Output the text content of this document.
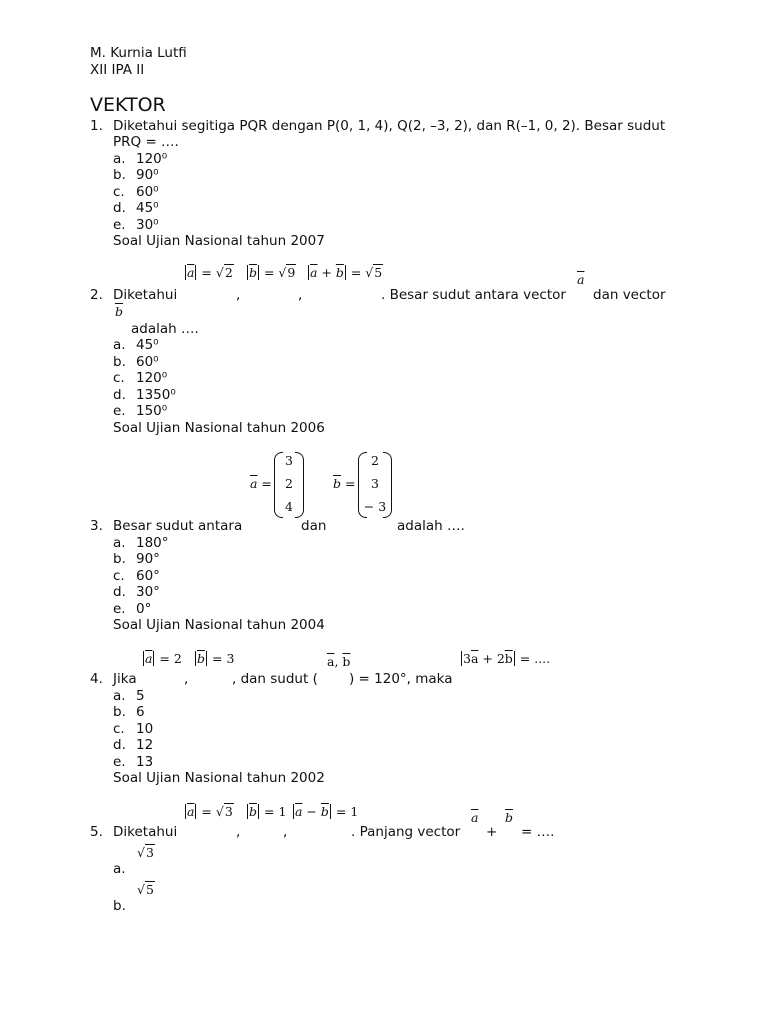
M. Kurnia Lutfi
XII IPA II
VEKTOR
1. Diketahui segitiga PQR dengan P(0, 1, 4), Q(2, –3, 2), dan R(–1, 0, 2). Besar sudut
PRQ = ….
a. 120⁰
b. 90⁰
c. 60⁰
d. 45⁰
e. 30⁰
Soal Ujian Nasional tahun 2007
$\overline{a} = √2$ $\overline{b} = √9$ $\overline{a} + \overline{b} = √5$	$\overline{a}$
$\overline{b}$
2. Diketahui	,	,	. Besar sudut antara vector dan vector
adalah ….
a. 45⁰
b. 60⁰
c. 120⁰
d. 1350⁰
e. 150⁰
Soal Ujian Nasional tahun 2006
$\overline{a}$ =
3
2
4
$\overline{b}$ =
2
3
− 3
3. Besar sudut antara	dan	adalah ….
a. 180°
b. 90°
c. 60°
d. 30°
e. 0°
Soal Ujian Nasional tahun 2004
$\overline{a} = 2$ $\overline{b} = 3$	$\overline{a}$, $\overline{b}$	$3\overline{a} + 2\overline{b}$ = ....
4. Jika	,	, dan sudut ( ) = 120°, maka
a. 5
b. 6
c. 10
d. 12
e. 13
Soal Ujian Nasional tahun 2002
$\overline{a} = √3$ $\overline{b} = 1$ $\overline{a} - \overline{b} = 1$	$\overline{a}$ $\overline{b}$
5. Diketahui	,	,	. Panjang vector + = ….
√3
a.
√5
b.
